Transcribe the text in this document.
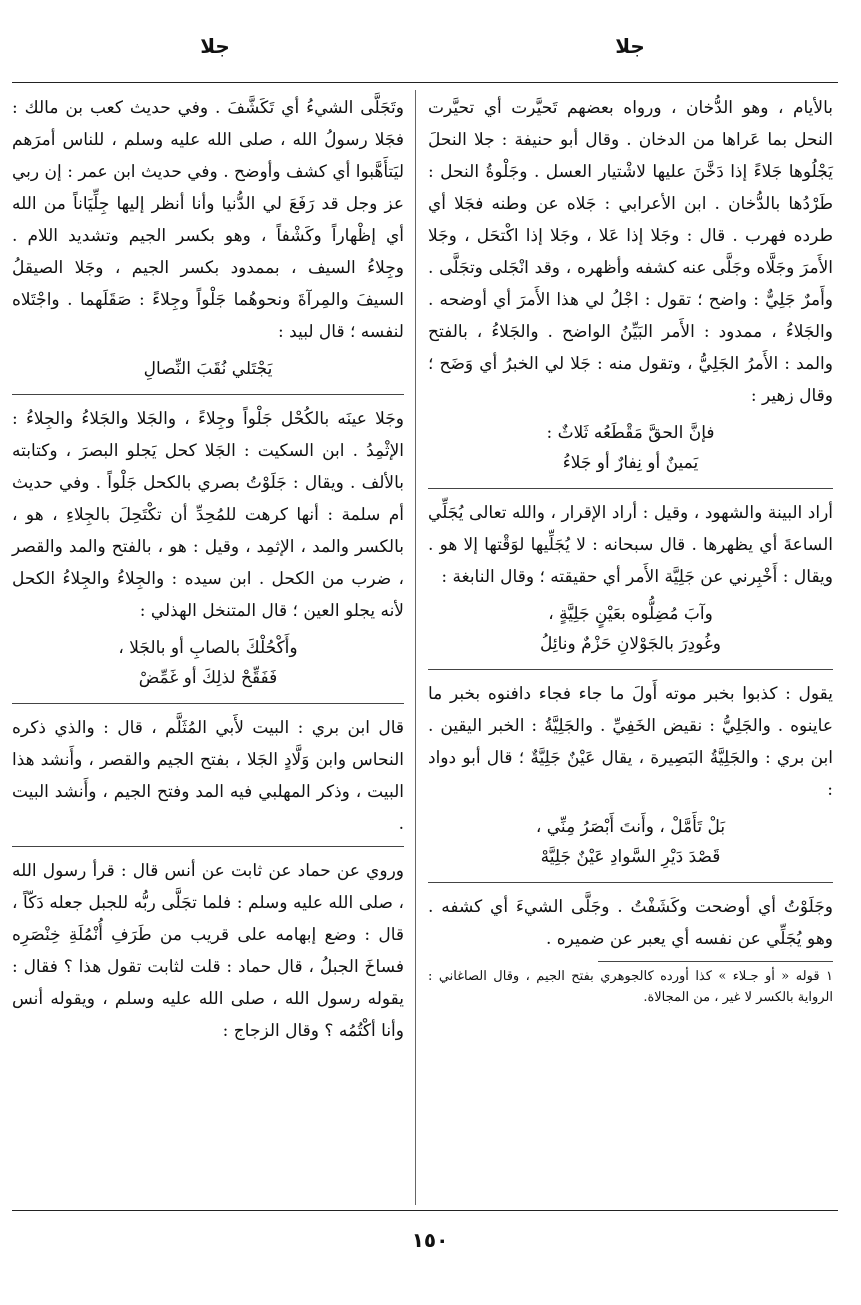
جلا
جلا

بالأيام ، وهو الدُّخان ، ورواه بعضهم تَحيَّرت أي تحيَّرت النحل بما عَراها من الدخان . وقال أبو حنيفة : جلا النحلَ يَجْلُوها جَلاءً إذا دَخَّنَ عليها لاشْتيار العسل . وجَلْوةُ النحل : طَرْدُها بالدُّخان . ابن الأعرابي : جَلاه عن وطنه فجَلا أي طرده فهرب . قال : وجَلا إذا عَلا ، وجَلا إذا اكْتحَل ، وجَلا الأَمرَ وجَلَّاه وجَلَّى عنه كشفه وأظهره ، وقد انْجَلى وتجَلَّى . وأَمرٌ جَلِيٌّ : واضح ؛ تقول : اجْلُ لي هذا الأَمرَ أي أوضحه . والجَلاءُ ، ممدود : الأَمر البَيِّنُ الواضح . والجَلاءُ ، بالفتح والمد : الأَمرُ الجَلِيُّ ، وتقول منه : جَلا لي الخبرُ أي وَضَح ؛ وقال زهير :

فإنَّ الحقَّ مَقْطَعُه ثَلاثٌ :
يَمينٌ أو نِفارٌ أو جَلاءُ

أراد البينة والشهود ، وقيل : أراد الإقرار ، والله تعالى يُجَلِّي الساعةَ أي يظهرها . قال سبحانه : لا يُجَلِّيها لوَقْتها إلا هو . ويقال : أَخْبِرني عن جَلِيَّة الأَمر أي حقيقته ؛ وقال النابغة :

وآبَ مُضِلُّوه بعَيْنٍ جَلِيَّةٍ ،
وغُودِرَ بالجَوْلانِ حَزْمٌ ونائِلُ

يقول : كذبوا بخبر موته أَولَ ما جاء فجاء دافنوه بخبر ما عاينوه . والجَلِيُّ : نقيض الخَفِيِّ . والجَلِيَّةُ : الخبر اليقين . ابن بري : والجَلِيَّةُ البَصِيرة ، يقال عَيْنٌ جَلِيَّةٌ ؛ قال أبو دواد :

بَلْ تَأَمَّلْ ، وأَنتَ أَبْصَرُ مِنِّي ،
قَصْدَ دَيْرِ السَّوادِ عَيْنٌ جَلِيَّهْ

وجَلَوْتُ أي أوضحت وكَشَفْتُ . وجَلَّى الشيءَ أي كشفه . وهو يُجَلِّي عن نفسه أي يعبر عن ضميره .

١ قوله « أو جـلاء » كذا أورده كالجوهري بفتح الجيم ، وقال الصاغاني : الرواية بالكسر لا غير ، من المجالاة.

وتَجَلَّى الشيءُ أي تَكَشَّفَ . وفي حديث كعب بن مالك : فجَلا رسولُ الله ، صلى الله عليه وسلم ، للناس أمرَهم ليَتأَهَّبوا أي كشف وأوضح . وفي حديث ابن عمر : إن ربي عز وجل قد رَفَعَ لي الدُّنيا وأنا أنظر إليها جِلِّيَاناً من الله أي إظْهاراً وكَشْفاً ، وهو بكسر الجيم وتشديد اللام . وجِلاءُ السيف ، بممدود بكسر الجيم ، وجَلا الصيقلُ السيفَ والمِرآةَ ونحوهُما جَلْواً وجِلاءً : صَقَلَهما . واجْتَلاه لنفسه ؛ قال لبيد :

يَجْتَلي نُقَبَ النِّصالِ

وجَلا عينَه بالكُحْل جَلْواً وجِلاءً ، والجَلا والجَلاءُ والجِلاءُ : الإثْمِدُ . ابن السكيت : الجَلا كحل يَجلو البصرَ ، وكتابته بالألف . ويقال : جَلَوْتُ بصري بالكحل جَلْواً . وفي حديث أم سلمة : أنها كرهت للمُحِدِّ أن تكْتَحِلَ بالجِلاءِ ، هو ، بالكسر والمد ، الإثمِد ، وقيل : هو ، بالفتح والمد والقصر ، ضرب من الكحل . ابن سيده : والجِلاءُ والجِلاءُ الكحل لأنه يجلو العين ؛ قال المتنخل الهذلي :

وأَكْحُلْكَ بالصابِ أو بالجَلا ،
فَفَقِّحْ لذلِكَ أو غَمِّضْ

قال ابن بري : البيت لأَبي المُثَلَّم ، قال : والذي ذكره النحاس وابن وَلَّادٍ الجَلا ، بفتح الجيم والقصر ، وأَنشد هذا البيت ، وذكر المهلبي فيه المد وفتح الجيم ، وأَنشد البيت .

وروي عن حماد عن ثابت عن أنس قال : قرأ رسول الله ، صلى الله عليه وسلم : فلما تجَلَّى ربُّه للجبل جعله دَكّاً ، قال : وضع إبهامه على قريب من طَرَفِ أُنْمُلَةِ خِنْصَرِه فساخَ الجبلُ ، قال حماد : قلت لثابت تقول هذا ؟ فقال : يقوله رسول الله ، صلى الله عليه وسلم ، ويقوله أنس وأنا أكْتُمُه ؟ وقال الزجاج :

١٥٠
